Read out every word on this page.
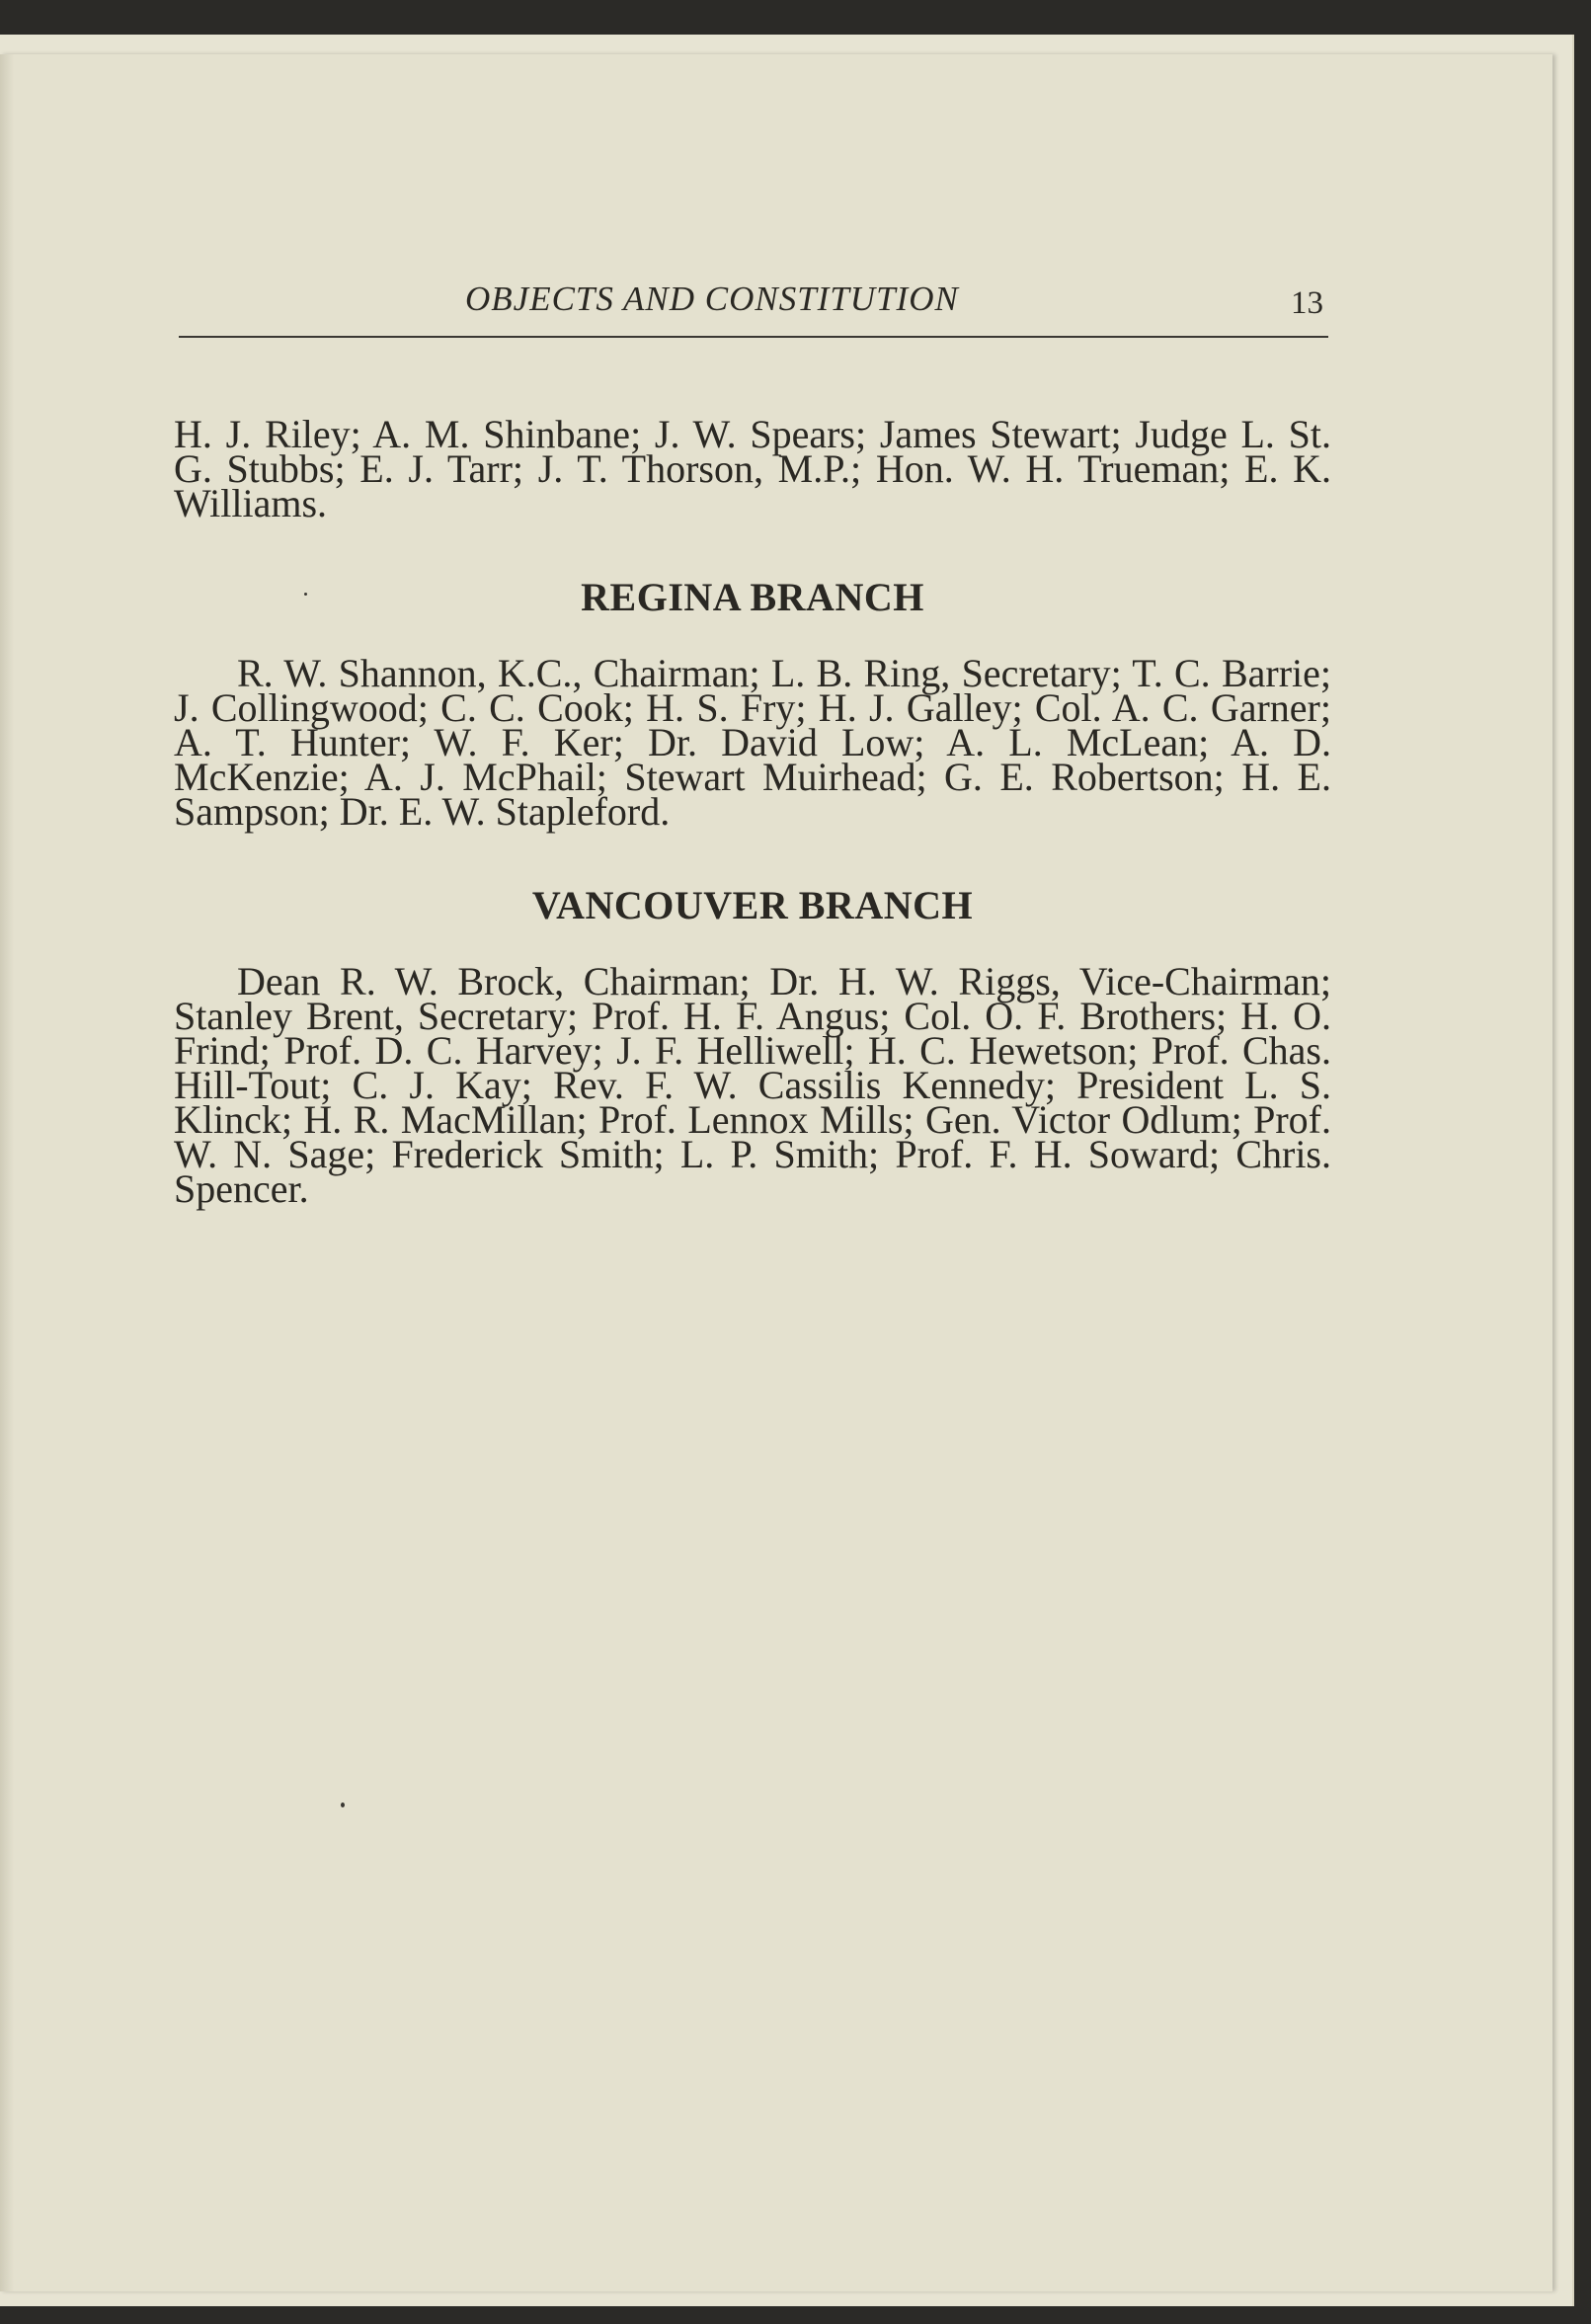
OBJECTS AND CONSTITUTION	13

H. J. Riley; A. M. Shinbane; J. W. Spears; James Stewart; Judge L. St. G. Stubbs; E. J. Tarr; J. T. Thorson, M.P.; Hon. W. H. Trueman; E. K. Williams.

REGINA BRANCH

R. W. Shannon, K.C., Chairman; L. B. Ring, Secretary; T. C. Barrie; J. Collingwood; C. C. Cook; H. S. Fry; H. J. Galley; Col. A. C. Garner; A. T. Hunter; W. F. Ker; Dr. David Low; A. L. McLean; A. D. McKenzie; A. J. McPhail; Stewart Muirhead; G. E. Robertson; H. E. Sampson; Dr. E. W. Stapleford.

VANCOUVER BRANCH

Dean R. W. Brock, Chairman; Dr. H. W. Riggs, Vice-Chairman; Stanley Brent, Secretary; Prof. H. F. Angus; Col. O. F. Brothers; H. O. Frind; Prof. D. C. Harvey; J. F. Helliwell; H. C. Hewetson; Prof. Chas. Hill-Tout; C. J. Kay; Rev. F. W. Cassilis Kennedy; President L. S. Klinck; H. R. MacMillan; Prof. Lennox Mills; Gen. Victor Odlum; Prof. W. N. Sage; Frederick Smith; L. P. Smith; Prof. F. H. Soward; Chris. Spencer.
